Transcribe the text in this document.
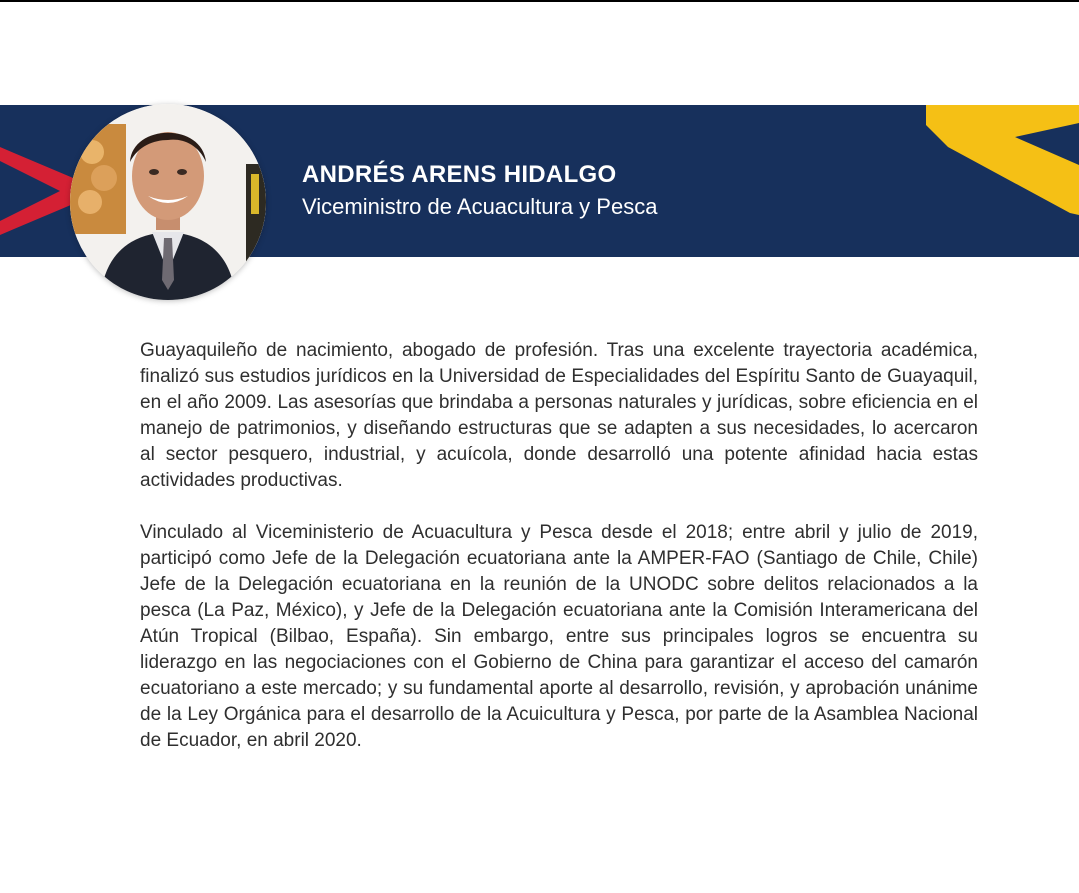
ANDRÉS ARENS HIDALGO
Viceministro de Acuacultura y Pesca

Guayaquileño de nacimiento, abogado de profesión. Tras una excelente trayectoria académica, finalizó sus estudios jurídicos en la Universidad de Especialidades del Espíritu Santo de Guayaquil, en el año 2009. Las asesorías que brindaba a personas naturales y jurídicas, sobre eficiencia en el manejo de patrimonios, y diseñando estructuras que se adapten a sus necesidades, lo acercaron al sector pesquero, industrial, y acuícola, donde desarrolló una potente afinidad hacia estas actividades productivas.

Vinculado al Viceministerio de Acuacultura y Pesca desde el 2018; entre abril y julio de 2019, participó como Jefe de la Delegación ecuatoriana ante la AMPER-FAO (Santiago de Chile, Chile) Jefe de la Delegación ecuatoriana en la reunión de la UNODC sobre delitos relacionados a la pesca (La Paz, México), y Jefe de la Delegación ecuatoriana ante la Comisión Interamericana del Atún Tropical (Bilbao, España). Sin embargo, entre sus principales logros se encuentra su liderazgo en las negociaciones con el Gobierno de China para garantizar el acceso del camarón ecuatoriano a este mercado; y su fundamental aporte al desarrollo, revisión, y aprobación unánime de la Ley Orgánica para el desarrollo de la Acuicultura y Pesca, por parte de la Asamblea Nacional de Ecuador, en abril 2020.
